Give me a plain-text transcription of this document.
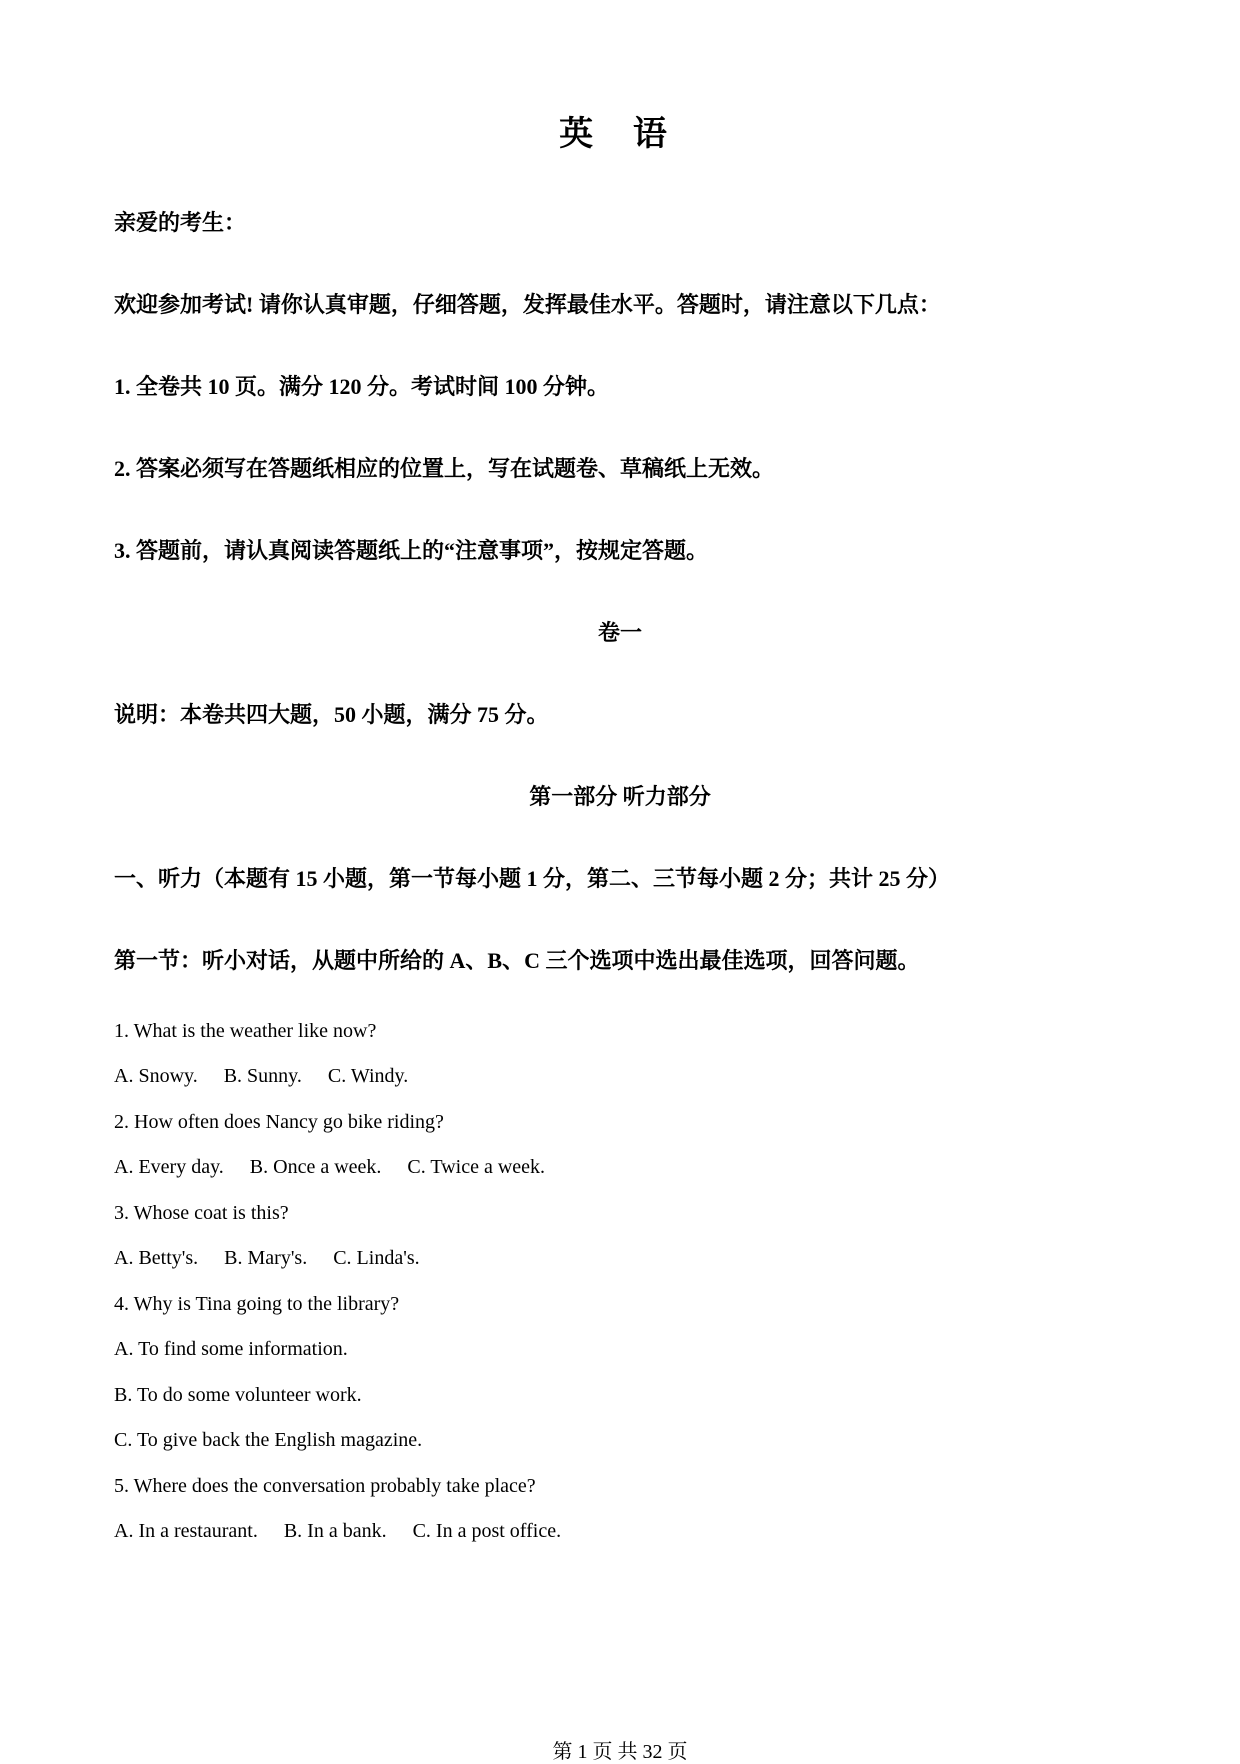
英 语
亲爱的考生：
欢迎参加考试! 请你认真审题，仔细答题，发挥最佳水平。答题时，请注意以下几点：
1. 全卷共 10 页。满分 120 分。考试时间 100 分钟。
2. 答案必须写在答题纸相应的位置上，写在试题卷、草稿纸上无效。
3. 答题前，请认真阅读答题纸上的“注意事项”，按规定答题。
卷一
说明：本卷共四大题，50 小题，满分 75 分。
第一部分 听力部分
一、听力（本题有 15 小题，第一节每小题 1 分，第二、三节每小题 2 分；共计 25 分）
第一节：听小对话，从题中所给的 A、B、C 三个选项中选出最佳选项，回答问题。
1. What is the weather like now?
A. Snowy. B. Sunny. C. Windy.
2. How often does Nancy go bike riding?
A. Every day. B. Once a week. C. Twice a week.
3. Whose coat is this?
A. Betty's. B. Mary's. C. Linda's.
4. Why is Tina going to the library?
A. To find some information.
B. To do some volunteer work.
C. To give back the English magazine.
5. Where does the conversation probably take place?
A. In a restaurant. B. In a bank. C. In a post office.
第 1 页 共 32 页
